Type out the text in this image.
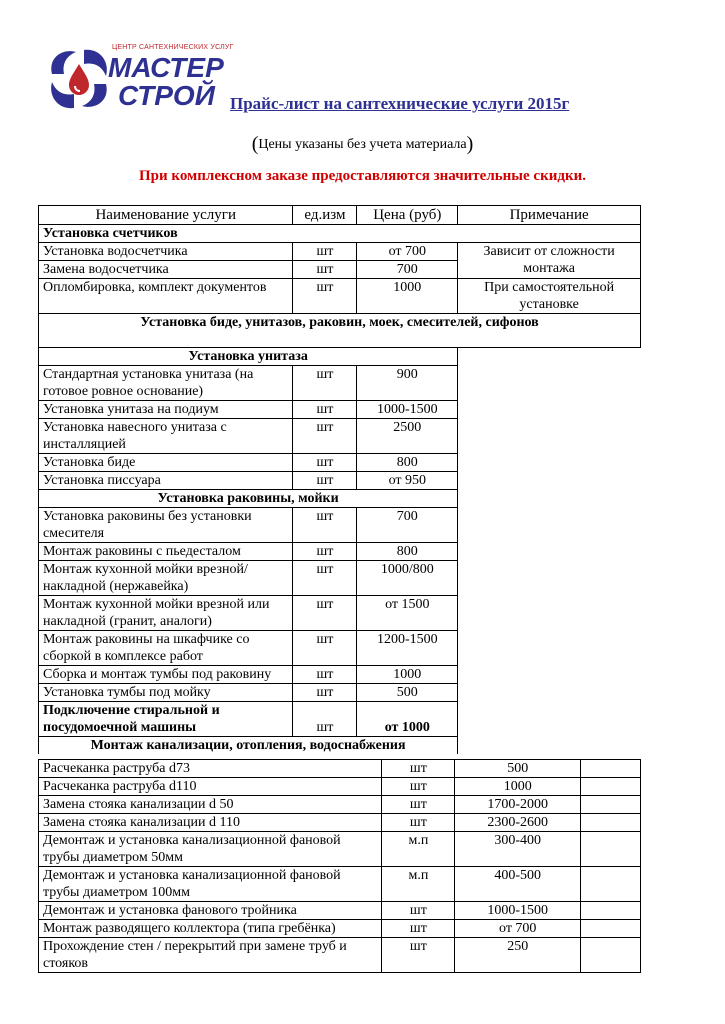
ЦЕНТР САНТЕХНИЧЕСКИХ УСЛУГ
МАСТЕР
СТРОЙ Прайс-лист на сантехнические услуги 2015г
(Цены указаны без учета материала)
При комплексном заказе предоставляются значительные скидки.
Наименование услуги	ед.изм	Цена (руб)	Примечание
Установка счетчиков			
Установка водосчетчика	шт	от 700	Зависит от сложности монтажа
Замена водосчетчика	шт	700	
Опломбировка, комплект документов	шт	1000	При самостоятельной установке
Установка биде, унитазов, раковин, моек, смесителей, сифонов			
Установка унитаза			
Стандартная установка унитаза (на готовое ровное основание)	шт	900	
Установка унитаза на подиум	шт	1000-1500	
Установка навесного унитаза с инсталляцией	шт	2500	
Установка биде	шт	800	
Установка писсуара	шт	от 950	
Установка раковины, мойки			
Установка раковины без установки смесителя	шт	700	
Монтаж раковины с пьедесталом	шт	800	
Монтаж кухонной мойки врезной/накладной (нержавейка)	шт	1000/800	
Монтаж кухонной мойки врезной или накладной (гранит, аналоги)	шт	от 1500	
Монтаж раковины на шкафчике со сборкой в комплексе работ	шт	1200-1500	
Сборка и монтаж тумбы под раковину	шт	1000	
Установка тумбы под мойку	шт	500	
Подключение стиральной и посудомоечной машины	шт	от 1000	
Монтаж канализации, отопления, водоснабжения			
Расчеканка раструба d73	шт	500	
Расчеканка раструба d110	шт	1000	
Замена стояка канализации d 50	шт	1700-2000	
Замена стояка канализации d 110	шт	2300-2600	
Демонтаж и установка канализационной фановой трубы диаметром 50мм	м.п	300-400	
Демонтаж и установка канализационной фановой трубы диаметром 100мм	м.п	400-500	
Демонтаж и установка фанового тройника	шт	1000-1500	
Монтаж разводящего коллектора (типа гребёнка)	шт	от 700	
Прохождение стен / перекрытий при замене труб и стояков	шт	250	
